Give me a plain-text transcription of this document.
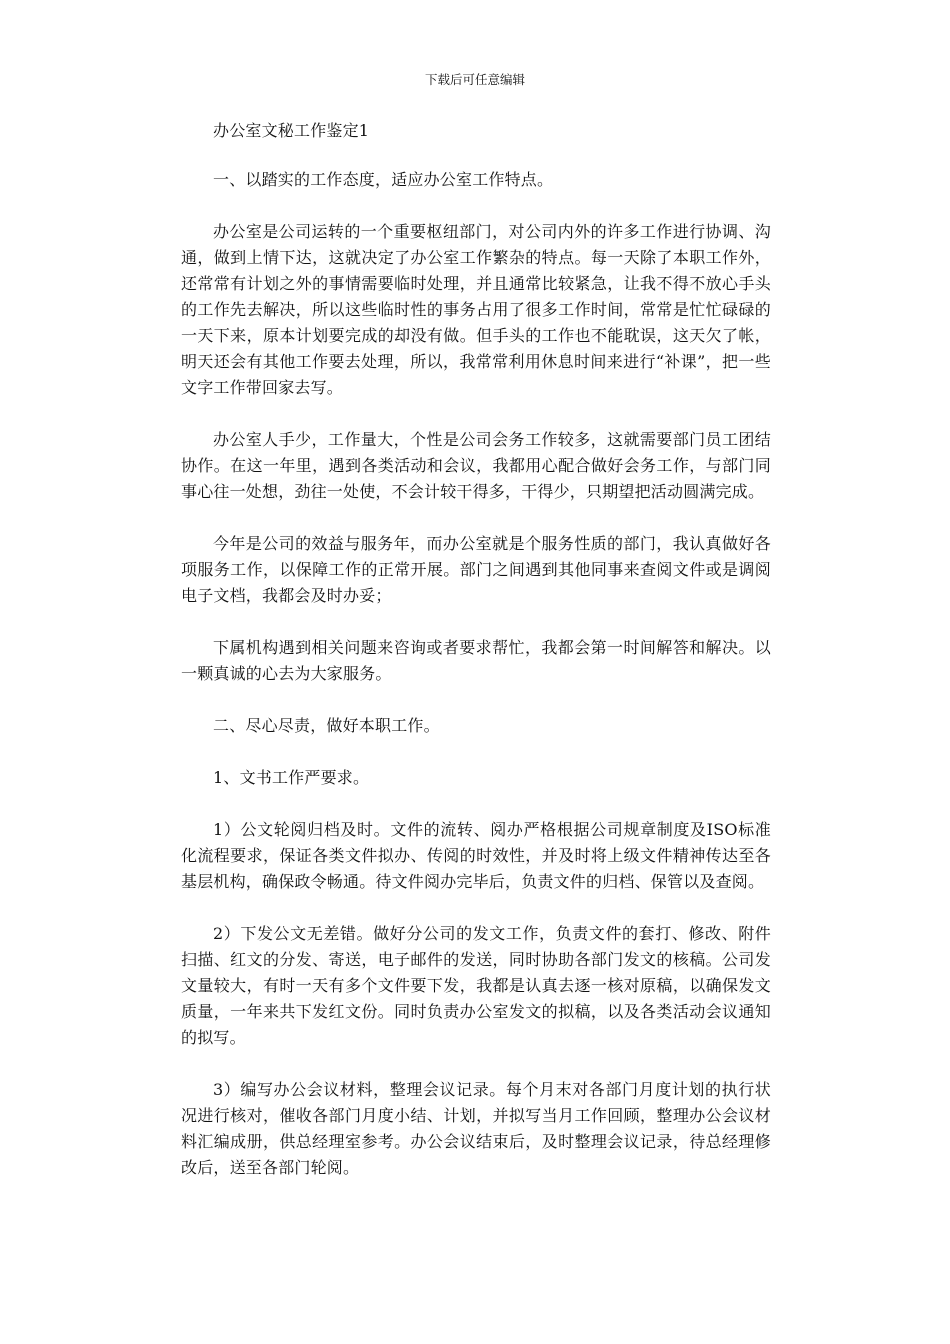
下载后可任意编辑

办公室文秘工作鉴定1

一、以踏实的工作态度，适应办公室工作特点。

办公室是公司运转的一个重要枢纽部门，对公司内外的许多工作进行协调、沟通，做到上情下达，这就决定了办公室工作繁杂的特点。每一天除了本职工作外，还常常有计划之外的事情需要临时处理，并且通常比较紧急，让我不得不放心手头的工作先去解决，所以这些临时性的事务占用了很多工作时间，常常是忙忙碌碌的一天下来，原本计划要完成的却没有做。但手头的工作也不能耽误，这天欠了帐，明天还会有其他工作要去处理，所以，我常常利用休息时间来进行“补课”，把一些文字工作带回家去写。

办公室人手少，工作量大，个性是公司会务工作较多，这就需要部门员工团结协作。在这一年里，遇到各类活动和会议，我都用心配合做好会务工作，与部门同事心往一处想，劲往一处使，不会计较干得多，干得少，只期望把活动圆满完成。

今年是公司的效益与服务年，而办公室就是个服务性质的部门，我认真做好各项服务工作，以保障工作的正常开展。部门之间遇到其他同事来查阅文件或是调阅电子文档，我都会及时办妥；

下属机构遇到相关问题来咨询或者要求帮忙，我都会第一时间解答和解决。以一颗真诚的心去为大家服务。

二、尽心尽责，做好本职工作。

1、文书工作严要求。

1）公文轮阅归档及时。文件的流转、阅办严格根据公司规章制度及ISO标准化流程要求，保证各类文件拟办、传阅的时效性，并及时将上级文件精神传达至各基层机构，确保政令畅通。待文件阅办完毕后，负责文件的归档、保管以及查阅。

2）下发公文无差错。做好分公司的发文工作，负责文件的套打、修改、附件扫描、红文的分发、寄送，电子邮件的发送，同时协助各部门发文的核稿。公司发文量较大，有时一天有多个文件要下发，我都是认真去逐一核对原稿，以确保发文质量，一年来共下发红文份。同时负责办公室发文的拟稿，以及各类活动会议通知的拟写。

3）编写办公会议材料，整理会议记录。每个月末对各部门月度计划的执行状况进行核对，催收各部门月度小结、计划，并拟写当月工作回顾，整理办公会议材料汇编成册，供总经理室参考。办公会议结束后，及时整理会议记录，待总经理修改后，送至各部门轮阅。
